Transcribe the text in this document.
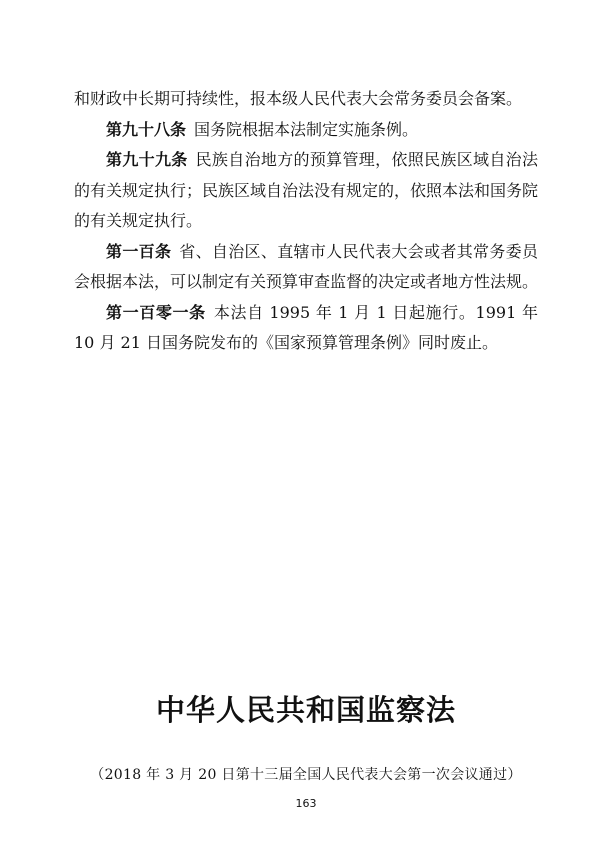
和财政中长期可持续性，报本级人民代表大会常务委员会备案。

第九十八条 国务院根据本法制定实施条例。

第九十九条 民族自治地方的预算管理，依照民族区域自治法的有关规定执行；民族区域自治法没有规定的，依照本法和国务院的有关规定执行。

第一百条 省、自治区、直辖市人民代表大会或者其常务委员会根据本法，可以制定有关预算审查监督的决定或者地方性法规。

第一百零一条 本法自 1995 年 1 月 1 日起施行。1991 年 10 月 21 日国务院发布的《国家预算管理条例》同时废止。

中华人民共和国监察法
（2018 年 3 月 20 日第十三届全国人民代表大会第一次会议通过）
163
